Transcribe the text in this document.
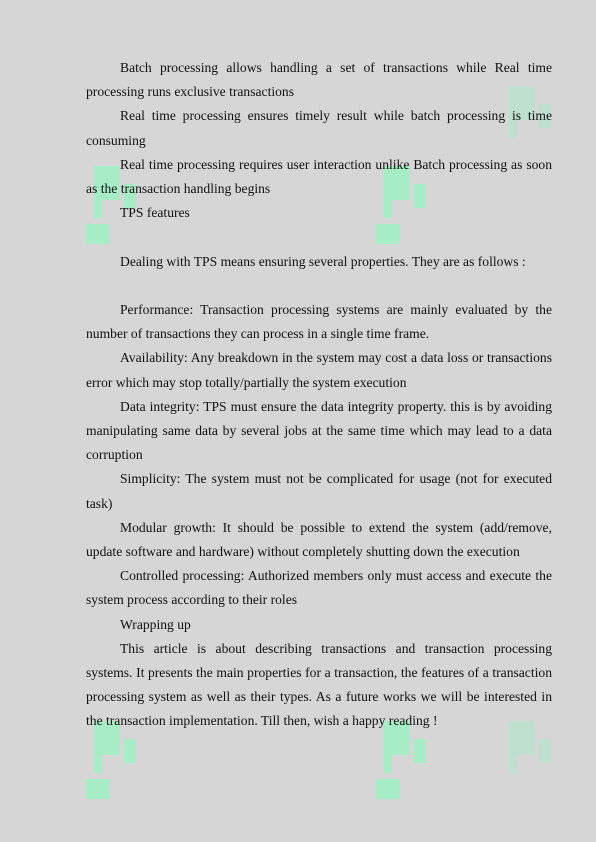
Batch processing allows handling a set of transactions while Real time processing runs exclusive transactions

Real time processing ensures timely result while batch processing is time consuming

Real time processing requires user interaction unlike Batch processing as soon as the transaction handling begins

TPS features

Dealing with TPS means ensuring several properties. They are as follows :

Performance: Transaction processing systems are mainly evaluated by the number of transactions they can process in a single time frame.

Availability: Any breakdown in the system may cost a data loss or transactions error which may stop totally/partially the system execution

Data integrity: TPS must ensure the data integrity property. this is by avoiding manipulating same data by several jobs at the same time which may lead to a data corruption

Simplicity: The system must not be complicated for usage (not for executed task)

Modular growth: It should be possible to extend the system (add/remove, update software and hardware) without completely shutting down the execution

Controlled processing: Authorized members only must access and execute the system process according to their roles

Wrapping up

This article is about describing transactions and transaction processing systems. It presents the main properties for a transaction, the features of a transaction processing system as well as their types. As a future works we will be interested in the transaction implementation. Till then, wish a happy reading !
